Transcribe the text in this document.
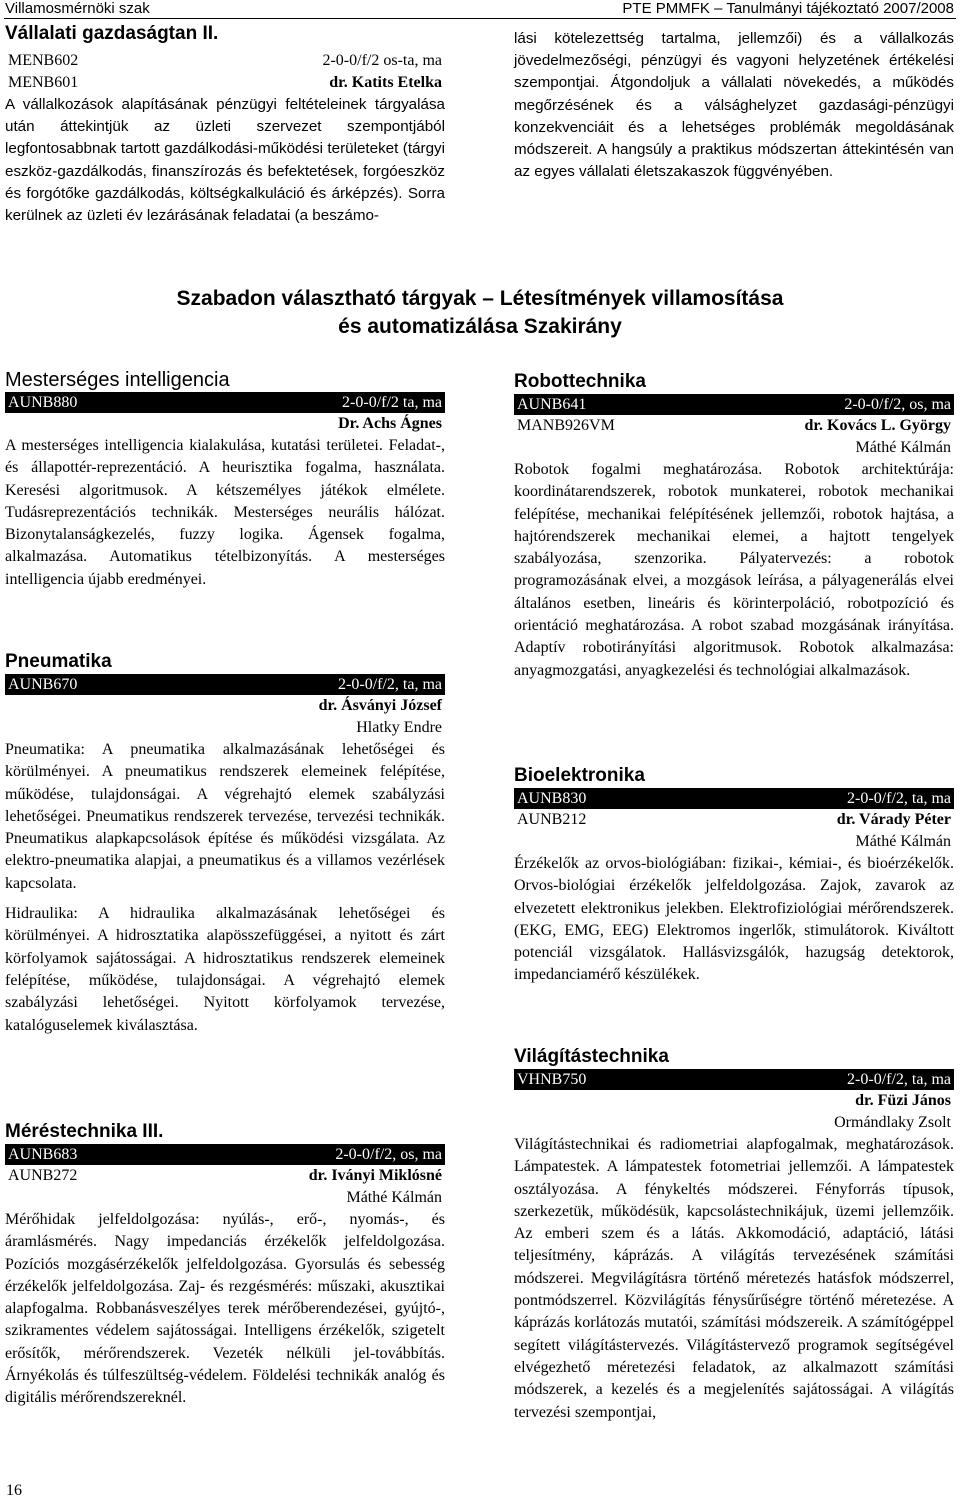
Villamosmérnöki szak	PTE PMMFK – Tanulmányi tájékoztató 2007/2008
Vállalati gazdaságtan II.
MENB602	2-0-0/f/2 os-ta, ma
MENB601	dr. Katits Etelka
A vállalkozások alapításának pénzügyi feltételeinek tárgyalása után áttekintjük az üzleti szervezet szempontjából legfontosabbnak tartott gazdálkodási-működési területeket (tárgyi eszköz-gazdálkodás, finanszírozás és befektetések, forgóeszköz és forgótőke gazdálkodás, költségkalkuláció és árképzés). Sorra kerülnek az üzleti év lezárásának feladatai (a beszámo-
lási kötelezettség tartalma, jellemzői) és a vállalkozás jövedelmezőségi, pénzügyi és vagyoni helyzetének értékelési szempontjai. Átgondoljuk a vállalati növekedés, a működés megőrzésének és a válsághelyzet gazdasági-pénzügyi konzekvenciáit és a lehetséges problémák megoldásának módszereit. A hangsúly a praktikus módszertan áttekintésén van az egyes vállalati életszakaszok függvényében.
Szabadon választható tárgyak – Létesítmények villamosítása
és automatizálása Szakirány
Mesterséges intelligencia
AUNB880	2-0-0/f/2 ta, ma
Dr. Achs Ágnes
A mesterséges intelligencia kialakulása, kutatási területei. Feladat-, és állapottér-reprezentáció. A heurisztika fogalma, használata. Keresési algoritmusok. A kétszemélyes játékok elmélete. Tudásreprezentációs technikák. Mesterséges neurális hálózat. Bizonytalanságkezelés, fuzzy logika. Ágensek fogalma, alkalmazása. Automatikus tételbizonyítás. A mesterséges intelligencia újabb eredményei.
Pneumatika
AUNB670	2-0-0/f/2, ta, ma
dr. Ásványi József
Hlatky Endre

Pneumatika: A pneumatika alkalmazásának lehetőségei és körülményei. A pneumatikus rendszerek elemeinek felépítése, működése, tulajdonságai. A végrehajtó elemek szabályzási lehetőségei. Pneumatikus rendszerek tervezése, tervezési technikák. Pneumatikus alapkapcsolások építése és működési vizsgálata. Az elektro-pneumatika alapjai, a pneumatikus és a villamos vezérlések kapcsolata.

Hidraulika: A hidraulika alkalmazásának lehetőségei és körülményei. A hidrosztatika alapösszefüggései, a nyitott és zárt körfolyamok sajátosságai. A hidrosztatikus rendszerek elemeinek felépítése, működése, tulajdonságai. A végrehajtó elemek szabályzási lehetőségei. Nyitott körfolyamok tervezése, katalóguselemek kiválasztása.

Méréstechnika III.
AUNB683	2-0-0/f/2, os, ma
AUNB272	dr. Iványi Miklósné
Máthé Kálmán
Mérőhidak jelfeldolgozása: nyúlás-, erő-, nyomás-, és áramlásmérés. Nagy impedanciás érzékelők jelfeldolgozása. Pozíciós mozgásérzékelők jelfeldolgozása. Gyorsulás és sebesség érzékelők jelfeldolgozása. Zaj- és rezgésmérés: műszaki, akusztikai alapfogalma. Robbanásveszélyes terek mérőberendezései, gyújtó-, szikramentes védelem sajátosságai. Intelligens érzékelők, szigetelt erősítők, mérőrendszerek. Vezeték nélküli jel-továbbítás. Árnyékolás és túlfeszültség-védelem. Földelési technikák analóg és digitális mérőrendszereknél.
Robottechnika
AUNB641	2-0-0/f/2, os, ma
MANB926VM	dr. Kovács L. György
Máthé Kálmán
Robotok fogalmi meghatározása. Robotok architektúrája: koordinátarendszerek, robotok munkaterei, robotok mechanikai felépítése, mechanikai felépítésének jellemzői, robotok hajtása, a hajtórendszerek mechanikai elemei, a hajtott tengelyek szabályozása, szenzorika. Pályatervezés: a robotok programozásának elvei, a mozgások leírása, a pályagenerálás elvei általános esetben, lineáris és körinterpoláció, robotpozíció és orientáció meghatározása. A robot szabad mozgásának irányítása. Adaptív robotirányítási algoritmusok. Robotok alkalmazása: anyagmozgatási, anyagkezelési és technológiai alkalmazások.
Bioelektronika
AUNB830	2-0-0/f/2, ta, ma
AUNB212	dr. Várady Péter
Máthé Kálmán
Érzékelők az orvos-biológiában: fizikai-, kémiai-, és bioérzékelők. Orvos-biológiai érzékelők jelfeldolgozása. Zajok, zavarok az elvezetett elektronikus jelekben. Elektrofiziológiai mérőrendszerek. (EKG, EMG, EEG) Elektromos ingerlők, stimulátorok. Kiváltott potenciál vizsgálatok. Hallásvizsgálók, hazugság detektorok, impedanciamérő készülékek.
Világítástechnika
VHNB750	2-0-0/f/2, ta, ma
dr. Füzi János
Ormándlaky Zsolt
Világítástechnikai és radiometriai alapfogalmak, meghatározások. Lámpatestek. A lámpatestek fotometriai jellemzői. A lámpatestek osztályozása. A fénykeltés módszerei. Fényforrás típusok, szerkezetük, működésük, kapcsolástechnikájuk, üzemi jellemzőik. Az emberi szem és a látás. Akkomodáció, adaptáció, látási teljesítmény, káprázás. A világítás tervezésének számítási módszerei. Megvilágításra történő méretezés hatásfok módszerrel, pontmódszerrel. Közvilágítás fénysűrűségre történő méretezése. A káprázás korlátozás mutatói, számítási módszereik. A számítógéppel segített világítástervezés. Világítástervező programok segítségével elvégezhető méretezési feladatok, az alkalmazott számítási módszerek, a kezelés és a megjelenítés sajátosságai. A világítás tervezési szempontjai,
16
